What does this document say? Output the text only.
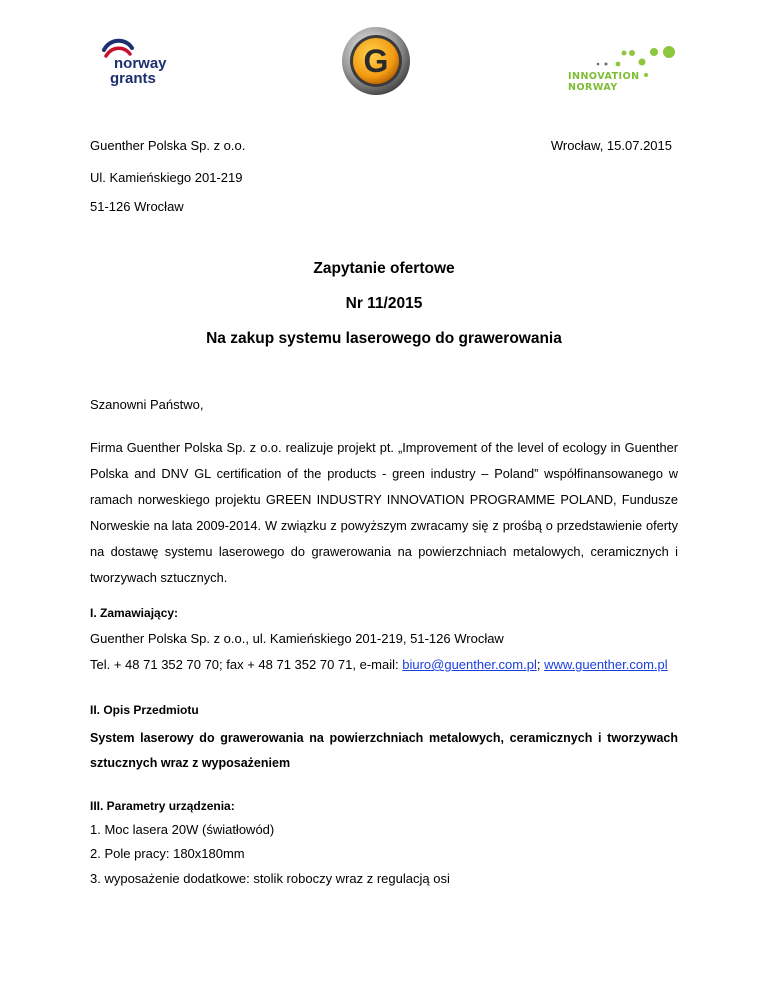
norway
grants	G	INNOVATION
NORWAY
Guenther Polska Sp. z o.o.	Wrocław, 15.07.2015
Ul. Kamieńskiego 201-219
51-126 Wrocław
Zapytanie ofertowe
Nr 11/2015
Na zakup systemu laserowego do grawerowania
Szanowni Państwo,

Firma Guenther Polska Sp. z o.o. realizuje projekt pt. „Improvement of the level of ecology in Guenther Polska and DNV GL certification of the products - green industry – Poland” współfinansowanego w ramach norweskiego projektu GREEN INDUSTRY INNOVATION PROGRAMME POLAND, Fundusze Norweskie na lata 2009-2014. W związku z powyższym zwracamy się z prośbą o przedstawienie oferty na dostawę systemu laserowego do grawerowania na powierzchniach metalowych, ceramicznych i tworzywach sztucznych.

I. Zamawiający:
Guenther Polska Sp. z o.o., ul. Kamieńskiego 201-219, 51-126 Wrocław
Tel. + 48 71 352 70 70; fax + 48 71 352 70 71, e-mail: biuro@guenther.com.pl; www.guenther.com.pl
II. Opis Przedmiotu
System laserowy do grawerowania na powierzchniach metalowych, ceramicznych i tworzywach sztucznych wraz z wyposażeniem
III. Parametry urządzenia:
1. Moc lasera 20W (światłowód)
2. Pole pracy: 180x180mm
3. wyposażenie dodatkowe: stolik roboczy wraz z regulacją osi
